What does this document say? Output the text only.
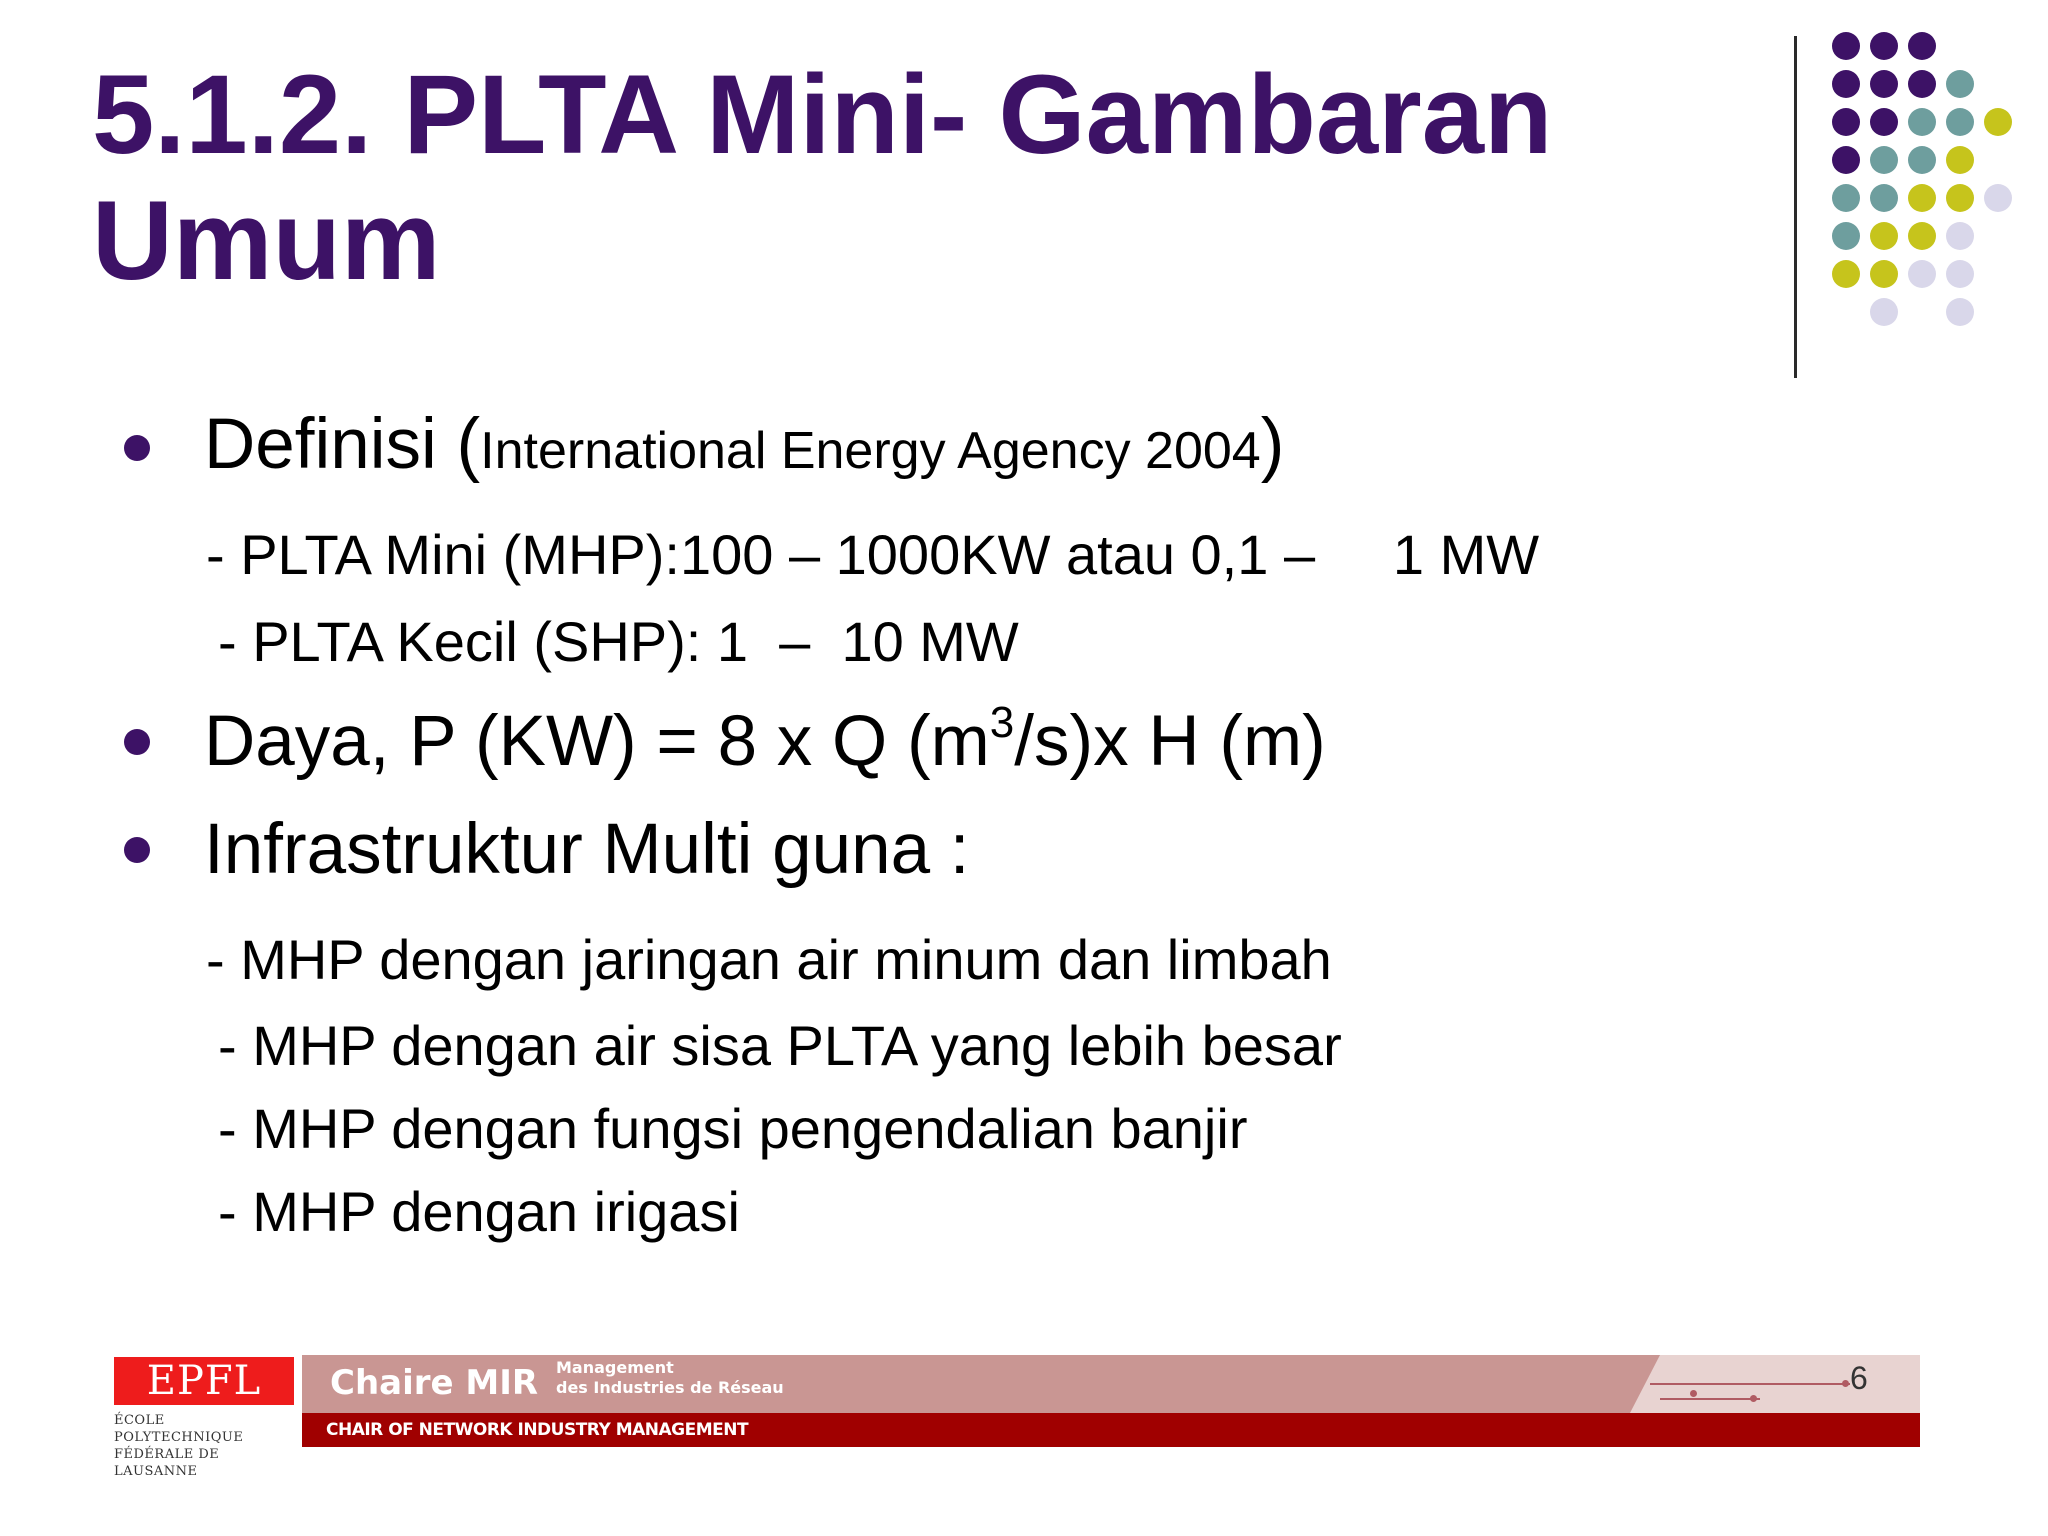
5.1.2. PLTA Mini- Gambaran Umum
Definisi (International Energy Agency 2004)
- PLTA Mini (MHP):100 – 1000KW atau 0,1 –     1 MW
- PLTA Kecil (SHP): 1  –  10 MW
Daya, P (KW) = 8 x Q $(m^3/s)x$ H (m)
Infrastruktur Multi guna :
- MHP dengan jaringan air minum dan limbah
- MHP dengan air sisa PLTA yang lebih besar
- MHP dengan fungsi pengendalian banjir
- MHP dengan irigasi
EPFL
ÉCOLE POLYTECHNIQUE FÉDÉRALE DE LAUSANNE
Chaire MIR Management
des Industries de Réseau
CHAIR OF NETWORK INDUSTRY MANAGEMENT
6
